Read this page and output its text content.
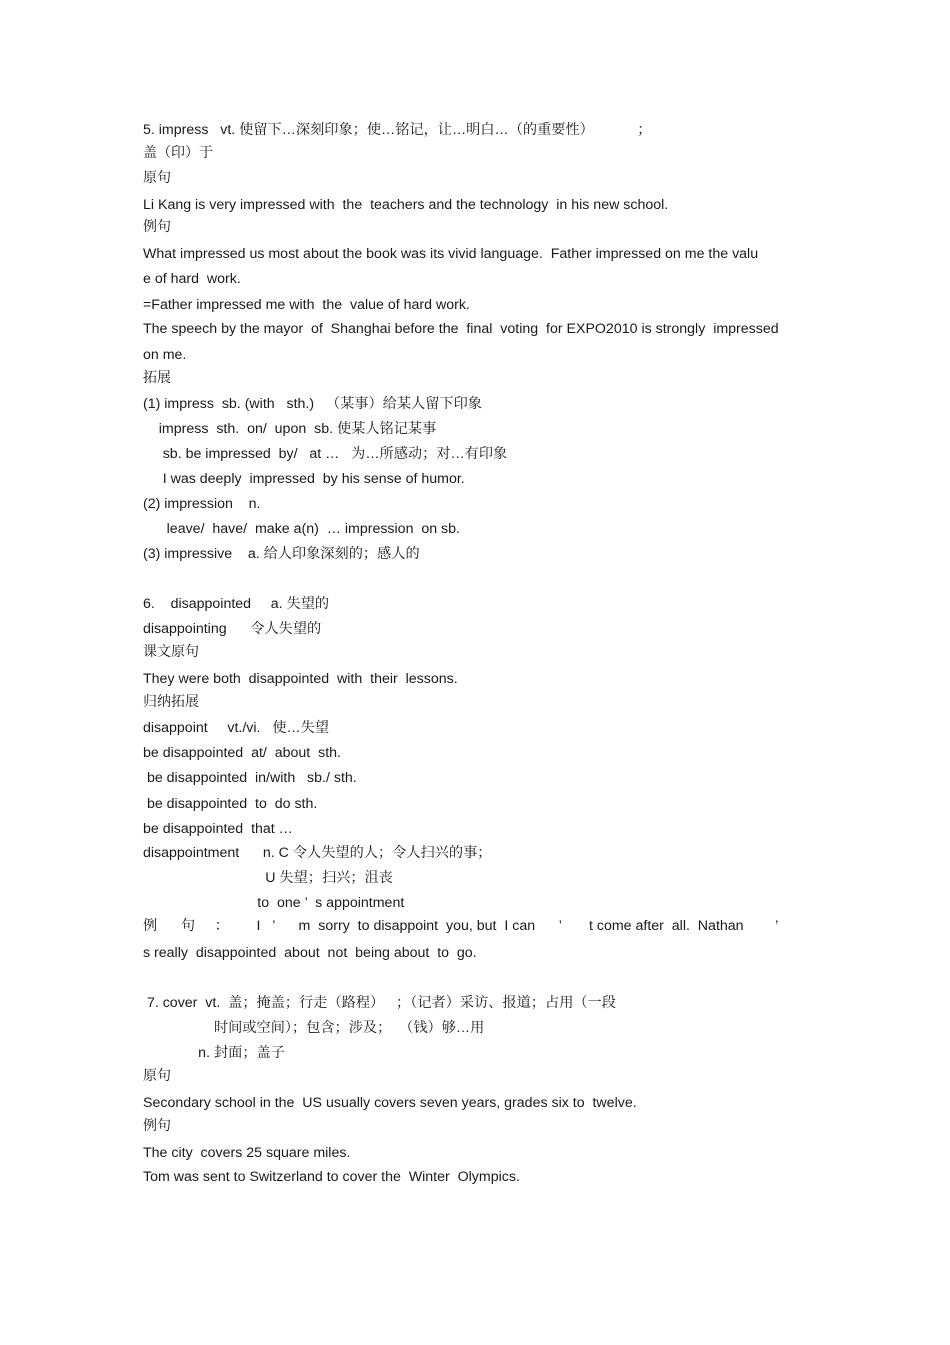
5. impress   vt. 使留下…深刻印象；使…铭记，让…明白…（的重要性）           ；
盖（印）于
原句
Li Kang is very impressed with  the  teachers and the technology  in his new school.
例句
What impressed us most about the book was its vivid language.  Father impressed on me the valu
e of hard  work.
=Father impressed me with  the  value of hard work.
The speech by the mayor  of  Shanghai before the  final  voting  for EXPO2010 is strongly  impressed
on me.
拓展
(1) impress  sb. (with   sth.)   （某事）给某人留下印象
impress  sth.  on/  upon  sb. 使某人铭记某事
sb. be impressed  by/   at …   为…所感动；对…有印象
I was deeply  impressed  by his sense of humor.
(2) impression    n.
leave/  have/  make a(n)  … impression  on sb.
(3) impressive    a. 给人印象深刻的；感人的
6.    disappointed     a. 失望的
disappointing      令人失望的
课文原句
They were both  disappointed  with  their  lessons.
归纳拓展
disappoint     vt./vi.   使…失望
be disappointed  at/  about  sth.
be disappointed  in/with   sb./ sth.
be disappointed  to  do sth.
be disappointed  that …
disappointment      n. C 令人失望的人；令人扫兴的事；
U 失望；扫兴；沮丧
to  one ’  s appointment
例      句     ：       I   ’      m  sorry  to disappoint  you, but  I can      ’       t come after  all.  Nathan        ’
s really  disappointed  about  not  being about  to  go.
7. cover  vt.  盖；掩盖；行走（路程）   ；（记者）采访、报道；占用（一段
时间或空间）；包含；涉及；  （钱）够…用
n. 封面；盖子
原句
Secondary school in the  US usually covers seven years, grades six to  twelve.
例句
The city  covers 25 square miles.
Tom was sent to Switzerland to cover the  Winter  Olympics.
